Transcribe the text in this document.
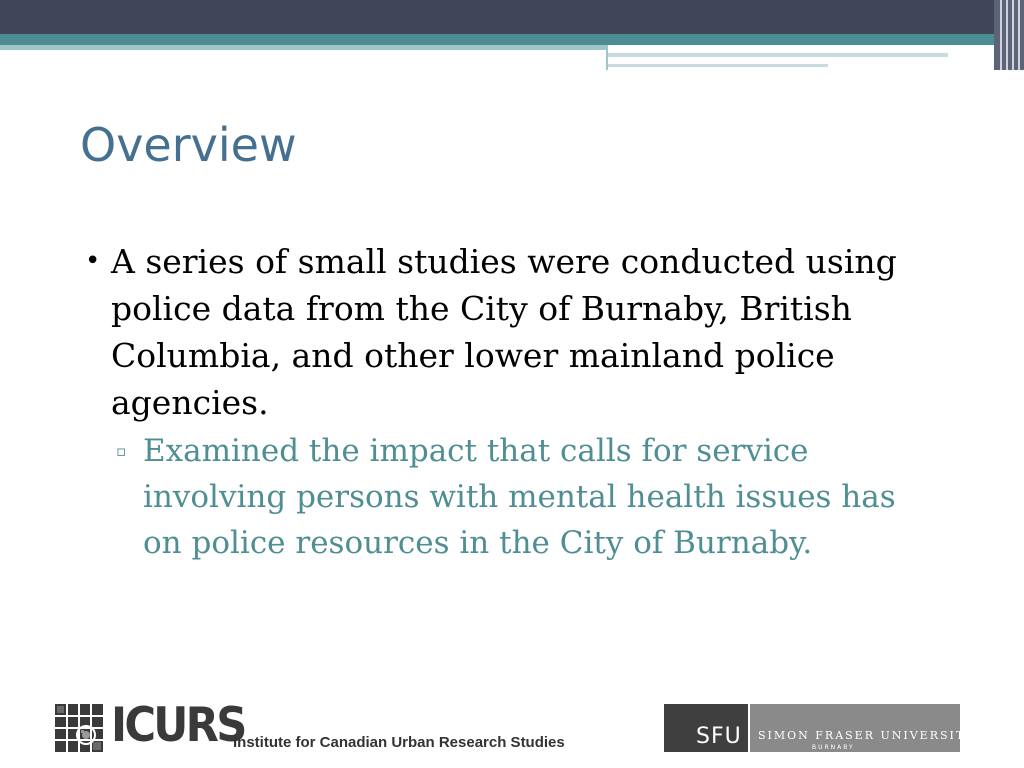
Overview
• A series of small studies were conducted using police data from the City of Burnaby, British Columbia, and other lower mainland police agencies.
▫ Examined the impact that calls for service involving persons with mental health issues has on police resources in the City of Burnaby.
ICURS
Institute for Canadian Urban Research Studies	SFU SIMON FRASER UNIVERSITY
BURNABY
